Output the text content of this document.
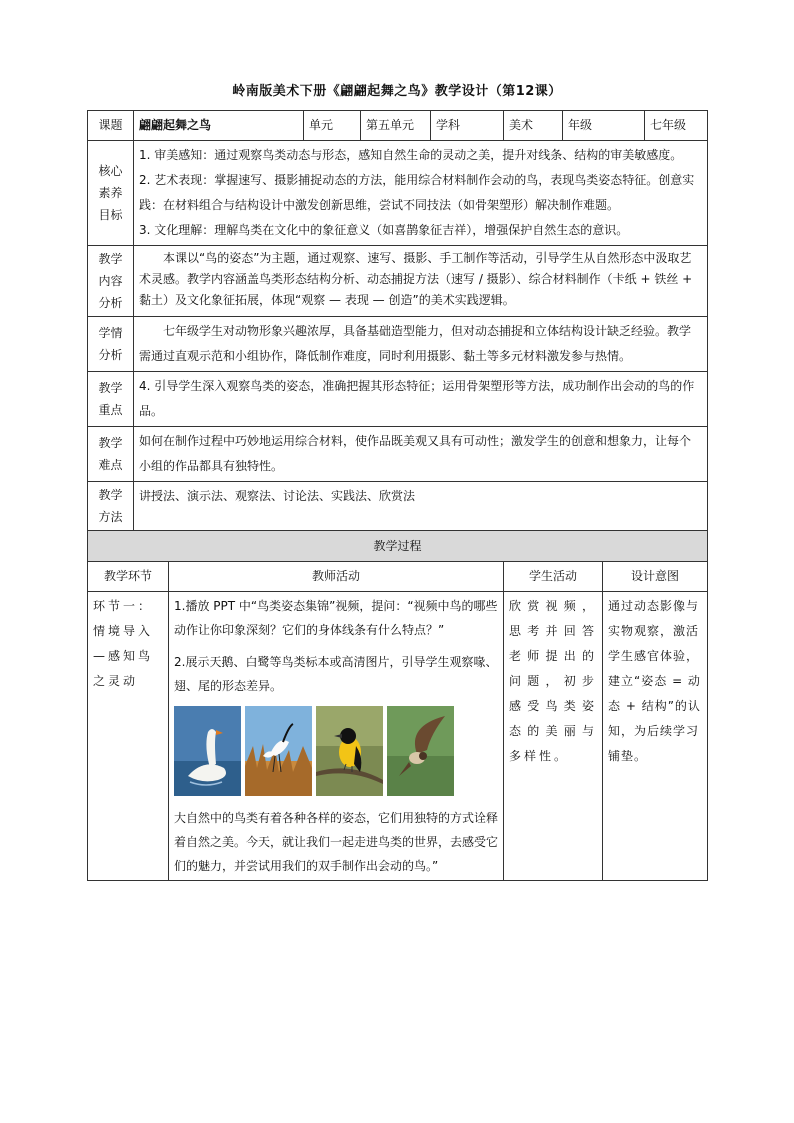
岭南版美术下册《翩翩起舞之鸟》教学设计（第12课）
课题	翩翩起舞之鸟		单元	第五单元	学科	美术	年级		七年级
核心素养目标	1. 审美感知：通过观察鸟类动态与形态，感知自然生命的灵动之美，提升对线条、结构的审美敏感度。
2. 艺术表现：掌握速写、摄影捕捉动态的方法，能用综合材料制作会动的鸟，表现鸟类姿态特征。创意实践：在材料组合与结构设计中激发创新思维，尝试不同技法（如骨架塑形）解决制作难题。
3. 文化理解：理解鸟类在文化中的象征意义（如喜鹊象征吉祥），增强保护自然生态的意识。								

教学内容分析	本课以“鸟的姿态”为主题，通过观察、速写、摄影、手工制作等活动，引导学生从自然形态中汲取艺术灵感。教学内容涵盖鸟类形态结构分析、动态捕捉方法（速写 / 摄影）、综合材料制作（卡纸 + 铁丝 + 黏土）及文化象征拓展，体现“观察 — 表现 — 创造”的美术实践逻辑。								
学情分析	七年级学生对动物形象兴趣浓厚，具备基础造型能力，但对动态捕捉和立体结构设计缺乏经验。教学需通过直观示范和小组协作，降低制作难度，同时利用摄影、黏土等多元材料激发参与热情。								
教学重点	4. 引导学生深入观察鸟类的姿态，准确把握其形态特征；运用骨架塑形等方法，成功制作出会动的鸟的作品。								
教学难点	如何在制作过程中巧妙地运用综合材料，使作品既美观又具有可动性；激发学生的创意和想象力，让每个小组的作品都具有独特性。								
教学方法	讲授法、演示法、观察法、讨论法、实践法、欣赏法								
教学过程									
教学环节		教师活动				学生活动		设计意图	
环节一：情境导入—感知鸟之灵动		1.播放 PPT 中“鸟类姿态集锦”视频，提问：“视频中鸟的哪些动作让你印象深刻？它们的身体线条有什么特点？”

2.展示天鹅、白鹭等鸟类标本或高清图片，引导学生观察喙、翅、尾的形态差异。

大自然中的鸟类有着各种各样的姿态，它们用独特的方式诠释着自然之美。今天，就让我们一起走进鸟类的世界，去感受它们的魅力，并尝试用我们的双手制作出会动的鸟。”				欣赏视频，思考并回答老师提出的问题，初步感受鸟类姿态的美丽与多样性。		通过动态影像与实物观察，激活学生感官体验，建立“姿态 = 动态 + 结构”的认知，为后续学习铺垫。	
